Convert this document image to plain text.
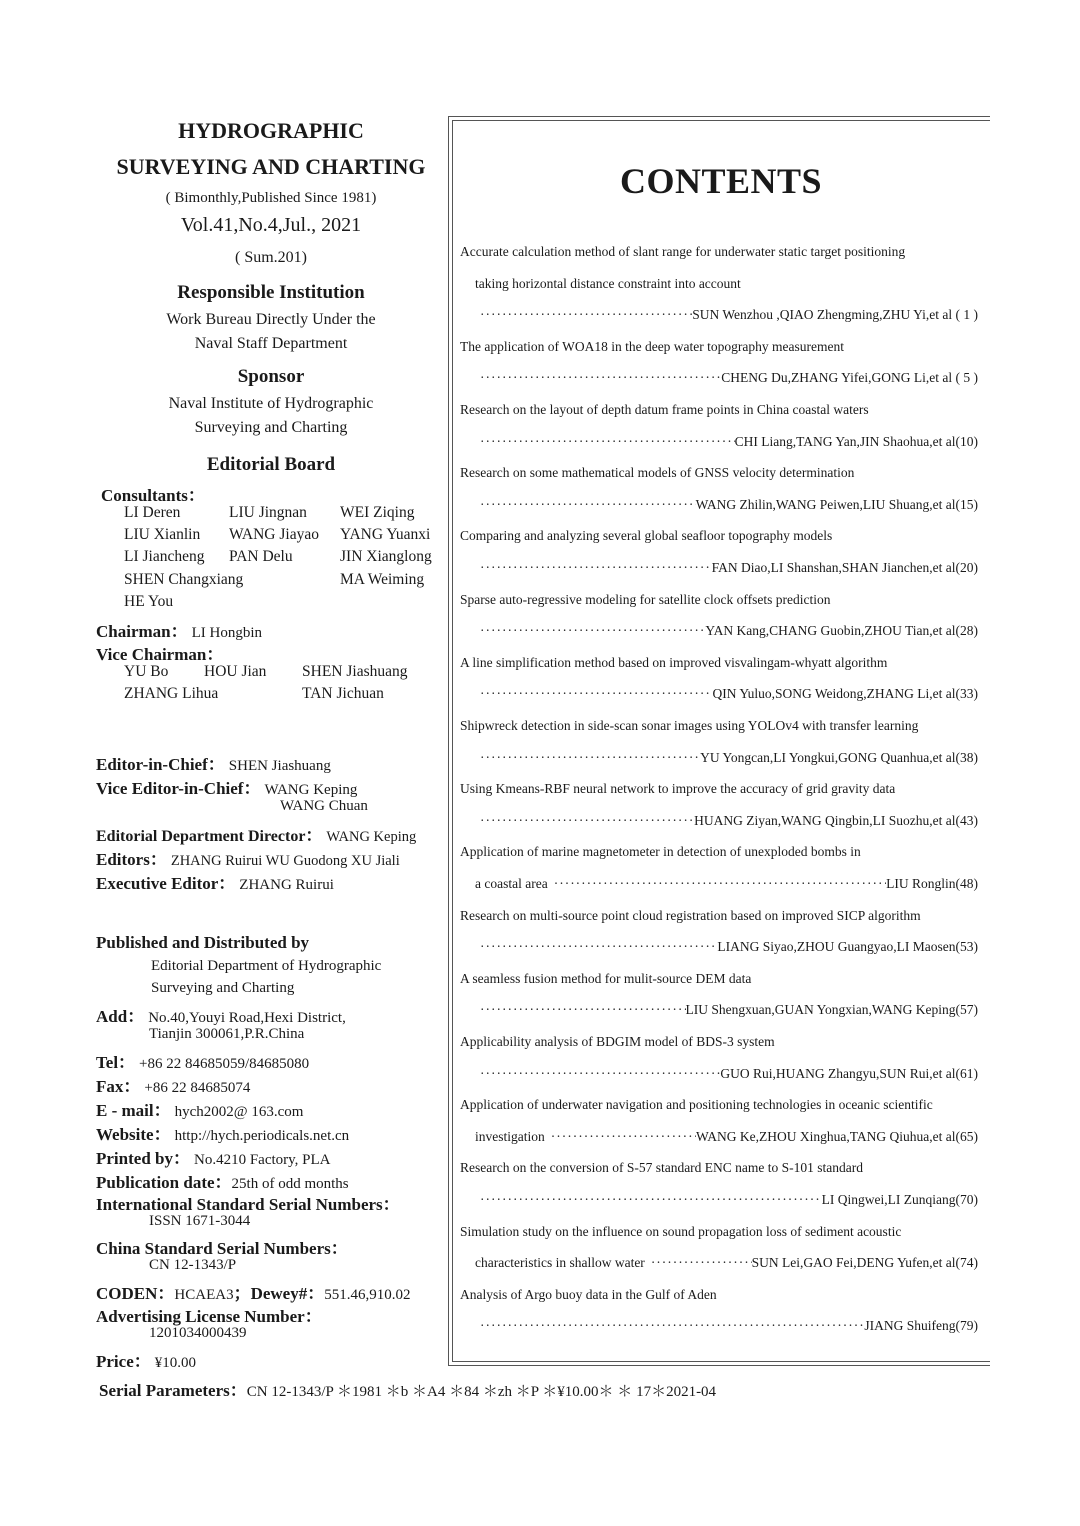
HYDROGRAPHIC
SURVEYING AND CHARTING
( Bimonthly,Published Since 1981)
Vol.41,No.4,Jul., 2021
( Sum.201)
Responsible Institution
Work Bureau Directly Under the
Naval Staff Department
Sponsor
Naval Institute of Hydrographic
Surveying and Charting
Editorial Board
Consultants：
LI Deren	LIU Jingnan WEI Ziqing
LIU Xianlin WANG Jiayao YANG Yuanxi
LI Jiancheng PAN Delu	JIN Xianglong
SHEN Changxiang	MA Weiming
HE You
Chairman： LI Hongbin
Vice Chairman：
YU Bo HOU Jian SHEN Jiashuang
ZHANG Lihua	TAN Jichuan
Editor-in-Chief： SHEN Jiashuang
Vice Editor-in-Chief： WANG Keping
WANG Chuan
Editorial Department Director： WANG Keping
Editors： ZHANG Ruirui WU Guodong XU Jiali
Executive Editor： ZHANG Ruirui
Published and Distributed by
Editorial Department of Hydrographic
Surveying and Charting
Add： No.40,Youyi Road,Hexi District,
Tianjin 300061,P.R.China
Tel： +86 22 84685059/84685080
Fax： +86 22 84685074
E - mail： hych2002@ 163.com
Website： http://hych.periodicals.net.cn
Printed by： No.4210 Factory, PLA
Publication date：25th of odd months
International Standard Serial Numbers：
ISSN 1671-3044
China Standard Serial Numbers：
CN 12-1343/P
CODEN：HCAEA3；Dewey#：551.46,910.02
Advertising License Number：
1201034000439
Price： ¥10.00
CONTENTS
Accurate calculation method of slant range for underwater static target positioning
taking horizontal distance constraint into account
·····
SUN Wenzhou ,QIAO Zhengming,ZHU Yi,et al ( 1 )
The application of WOA18 in the deep water topography measurement
·····
CHENG Du,ZHANG Yifei,GONG Li,et al ( 5 )
Research on the layout of depth datum frame points in China coastal waters
·····
CHI Liang,TANG Yan,JIN Shaohua,et al(10)
Research on some mathematical models of GNSS velocity determination
·····
WANG Zhilin,WANG Peiwen,LIU Shuang,et al(15)
Comparing and analyzing several global seafloor topography models
·····
FAN Diao,LI Shanshan,SHAN Jianchen,et al(20)
Sparse auto-regressive modeling for satellite clock offsets prediction
·····
YAN Kang,CHANG Guobin,ZHOU Tian,et al(28)
A line simplification method based on improved visvalingam-whyatt algorithm
·····
QIN Yuluo,SONG Weidong,ZHANG Li,et al(33)
Shipwreck detection in side-scan sonar images using YOLOv4 with transfer learning
·····
YU Yongcan,LI Yongkui,GONG Quanhua,et al(38)
Using Kmeans-RBF neural network to improve the accuracy of grid gravity data
·····
HUANG Ziyan,WANG Qingbin,LI Suozhu,et al(43)
Application of marine magnetometer in detection of unexploded bombs in
a coastal area ·····	LIU Ronglin(48)
Research on multi-source point cloud registration based on improved SICP algorithm
·····
LIANG Siyao,ZHOU Guangyao,LI Maosen(53)
A seamless fusion method for mulit-source DEM data
·····
LIU Shengxuan,GUAN Yongxian,WANG Keping(57)
Applicability analysis of BDGIM model of BDS-3 system
·····
GUO Rui,HUANG Zhangyu,SUN Rui,et al(61)
Application of underwater navigation and positioning technologies in oceanic scientific
investigation ·····	WANG Ke,ZHOU Xinghua,TANG Qiuhua,et al(65)
Research on the conversion of S-57 standard ENC name to S-101 standard
·····
LI Qingwei,LI Zunqiang(70)
Simulation study on the influence on sound propagation loss of sediment acoustic
characteristics in shallow water ·····	SUN Lei,GAO Fei,DENG Yufen,et al(74)
Analysis of Argo buoy data in the Gulf of Aden
·····
JIANG Shuifeng(79)
Serial Parameters：CN 12-1343/P ＊1981 ＊b ＊A4 ＊84 ＊zh ＊P ＊¥10.00＊ ＊ 17＊2021-04
